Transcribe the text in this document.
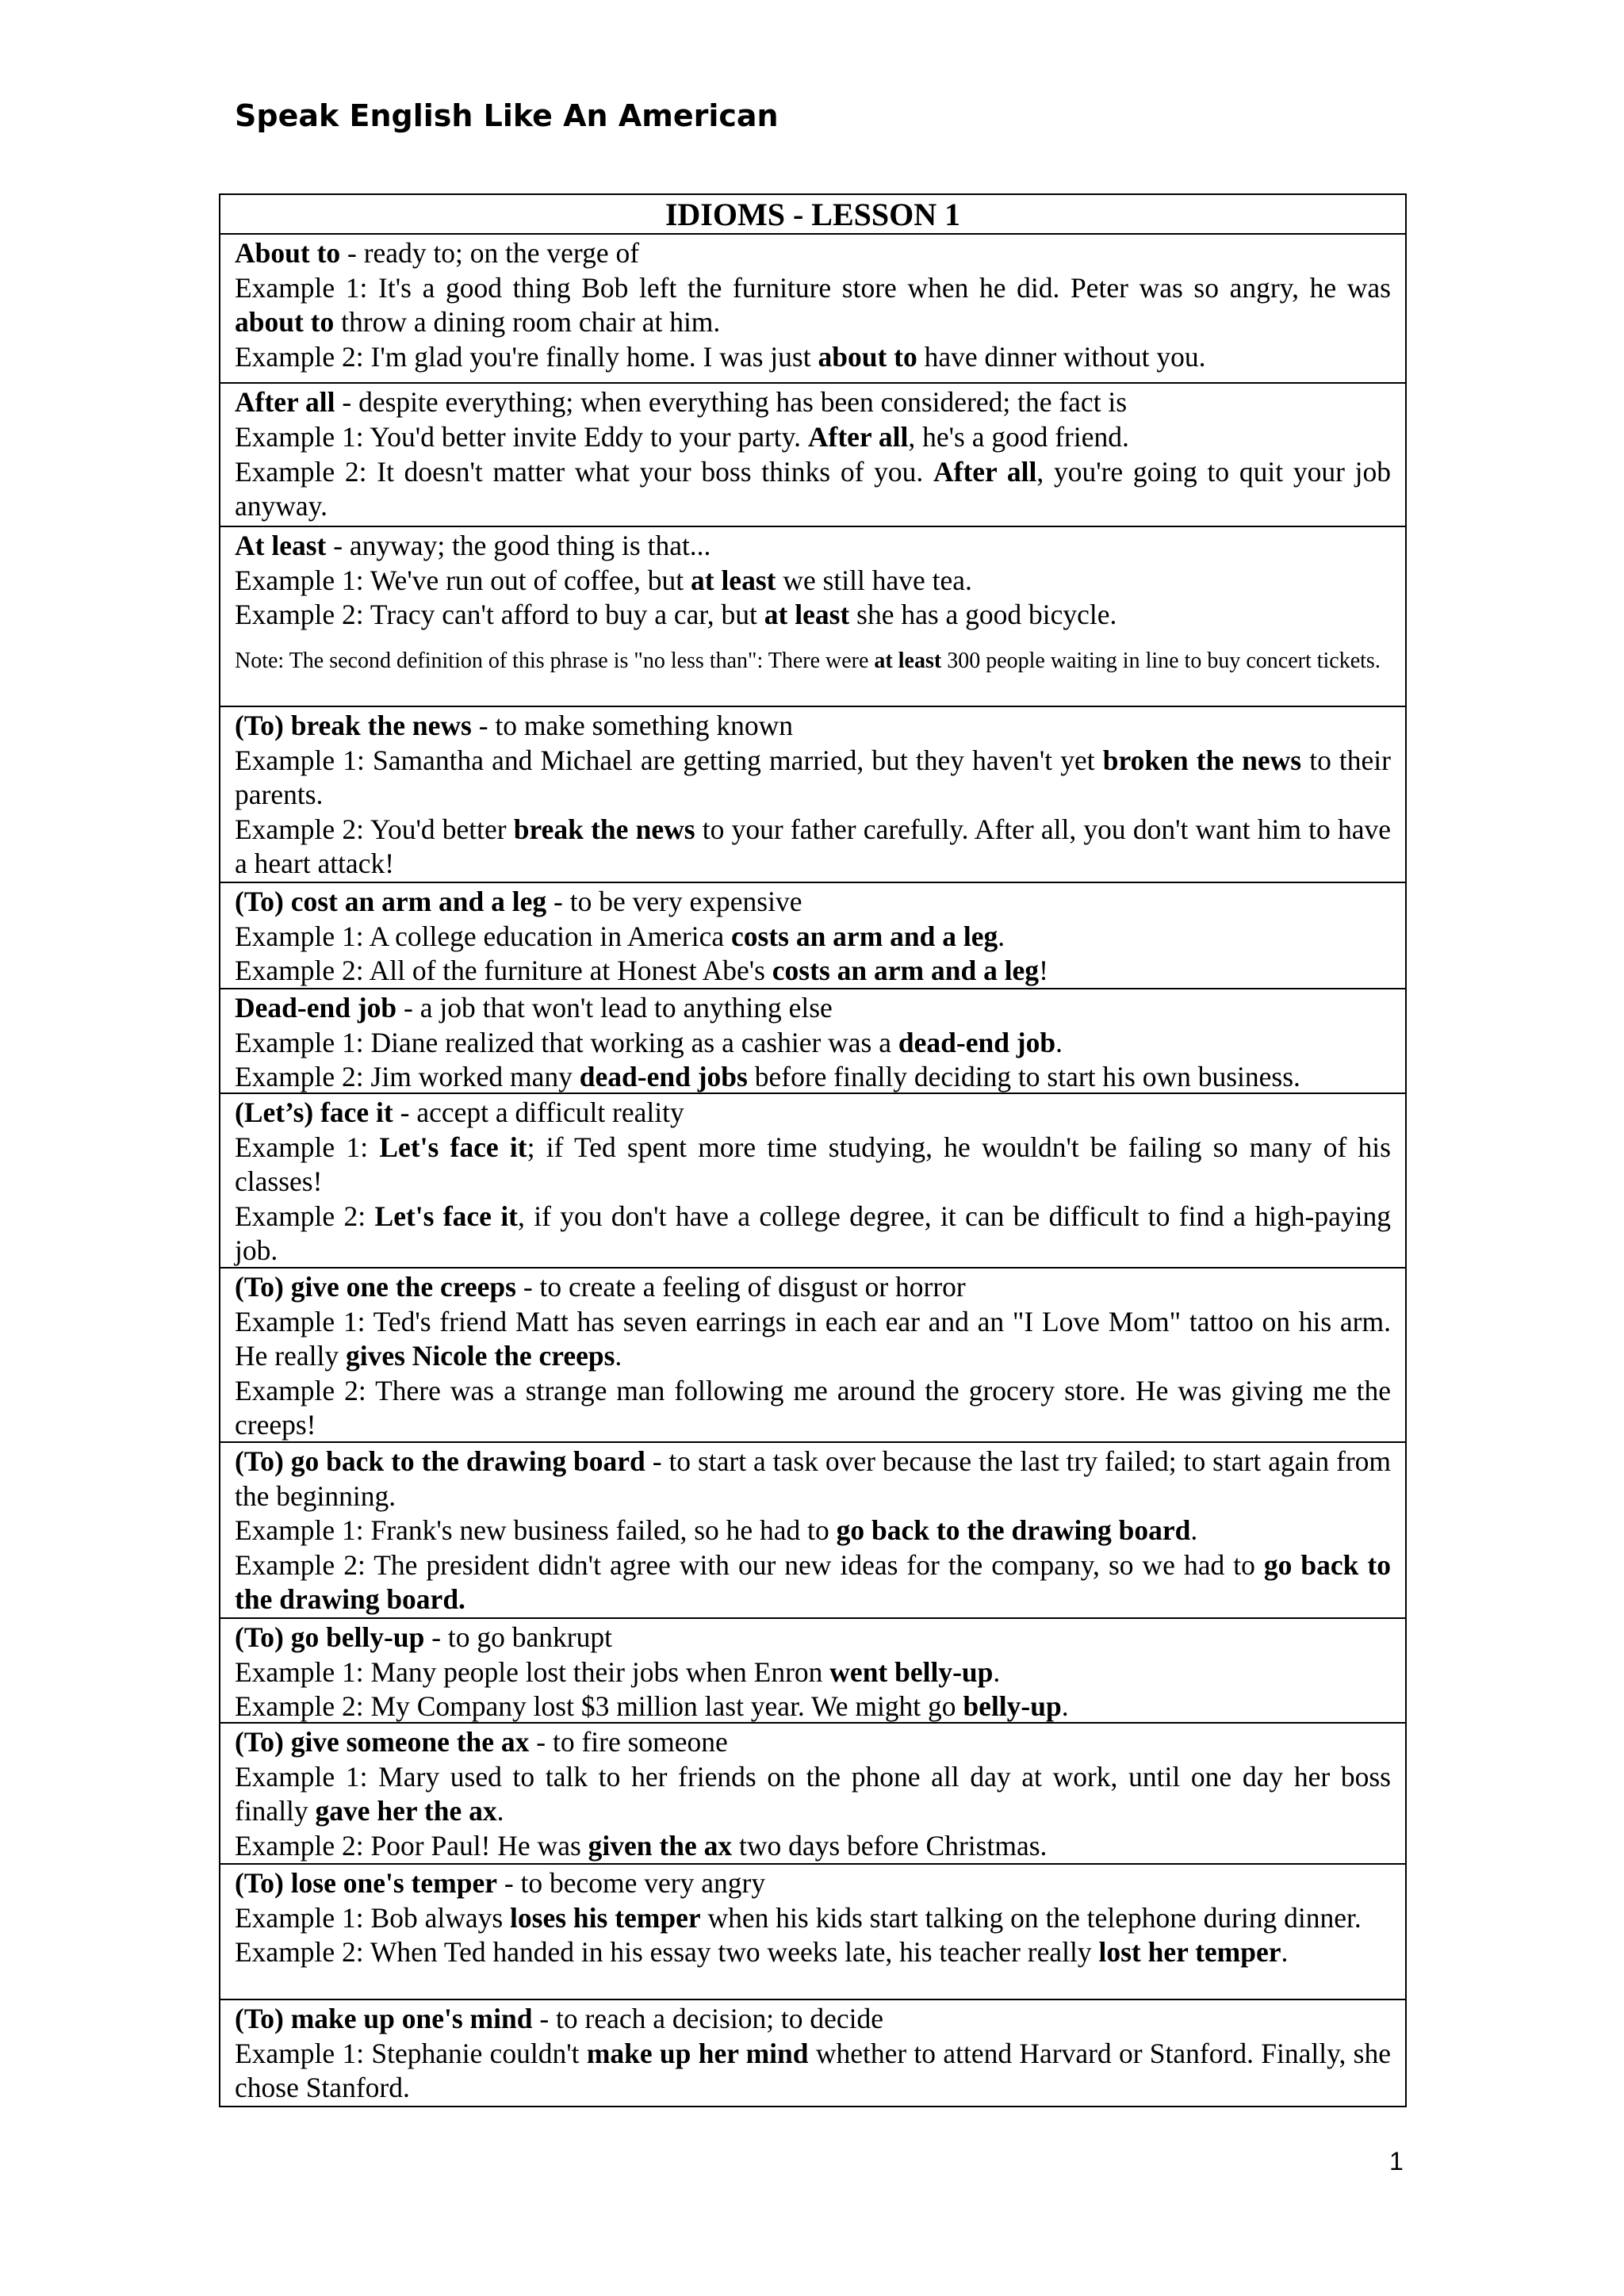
Speak English Like An American
IDIOMS - LESSON 1
About to - ready to; on the verge of
Example 1: It's a good thing Bob left the furniture store when he did. Peter was so angry, he was about to throw a dining room chair at him.
Example 2: I'm glad you're finally home. I was just about to have dinner without you.
After all - despite everything; when everything has been considered; the fact is
Example 1: You'd better invite Eddy to your party. After all, he's a good friend.
Example 2: It doesn't matter what your boss thinks of you. After all, you're going to quit your job anyway.
At least - anyway; the good thing is that...
Example 1: We've run out of coffee, but at least we still have tea.
Example 2: Tracy can't afford to buy a car, but at least she has a good bicycle.
Note: The second definition of this phrase is "no less than": There were at least 300 people waiting in line to buy concert tickets.
(To) break the news - to make something known
Example 1: Samantha and Michael are getting married, but they haven't yet broken the news to their parents.
Example 2: You'd better break the news to your father carefully. After all, you don't want him to have a heart attack!
(To) cost an arm and a leg - to be very expensive
Example 1: A college education in America costs an arm and a leg.
Example 2: All of the furniture at Honest Abe's costs an arm and a leg!
Dead-end job - a job that won't lead to anything else
Example 1: Diane realized that working as a cashier was a dead-end job.
Example 2: Jim worked many dead-end jobs before finally deciding to start his own business.
(Let’s) face it - accept a difficult reality
Example 1: Let's face it; if Ted spent more time studying, he wouldn't be failing so many of his classes!
Example 2: Let's face it, if you don't have a college degree, it can be difficult to find a high-paying job.
(To) give one the creeps - to create a feeling of disgust or horror
Example 1: Ted's friend Matt has seven earrings in each ear and an "I Love Mom" tattoo on his arm. He really gives Nicole the creeps.
Example 2: There was a strange man following me around the grocery store. He was giving me the creeps!
(To) go back to the drawing board - to start a task over because the last try failed; to start again from the beginning.
Example 1: Frank's new business failed, so he had to go back to the drawing board.
Example 2: The president didn't agree with our new ideas for the company, so we had to go back to the drawing board.
(To) go belly-up - to go bankrupt
Example 1: Many people lost their jobs when Enron went belly-up.
Example 2: My Company lost $3 million last year. We might go belly-up.
(To) give someone the ax - to fire someone
Example 1: Mary used to talk to her friends on the phone all day at work, until one day her boss finally gave her the ax.
Example 2: Poor Paul! He was given the ax two days before Christmas.
(To) lose one's temper - to become very angry
Example 1: Bob always loses his temper when his kids start talking on the telephone during dinner.
Example 2: When Ted handed in his essay two weeks late, his teacher really lost her temper.
(To) make up one's mind - to reach a decision; to decide
Example 1: Stephanie couldn't make up her mind whether to attend Harvard or Stanford. Finally, she chose Stanford.
1
